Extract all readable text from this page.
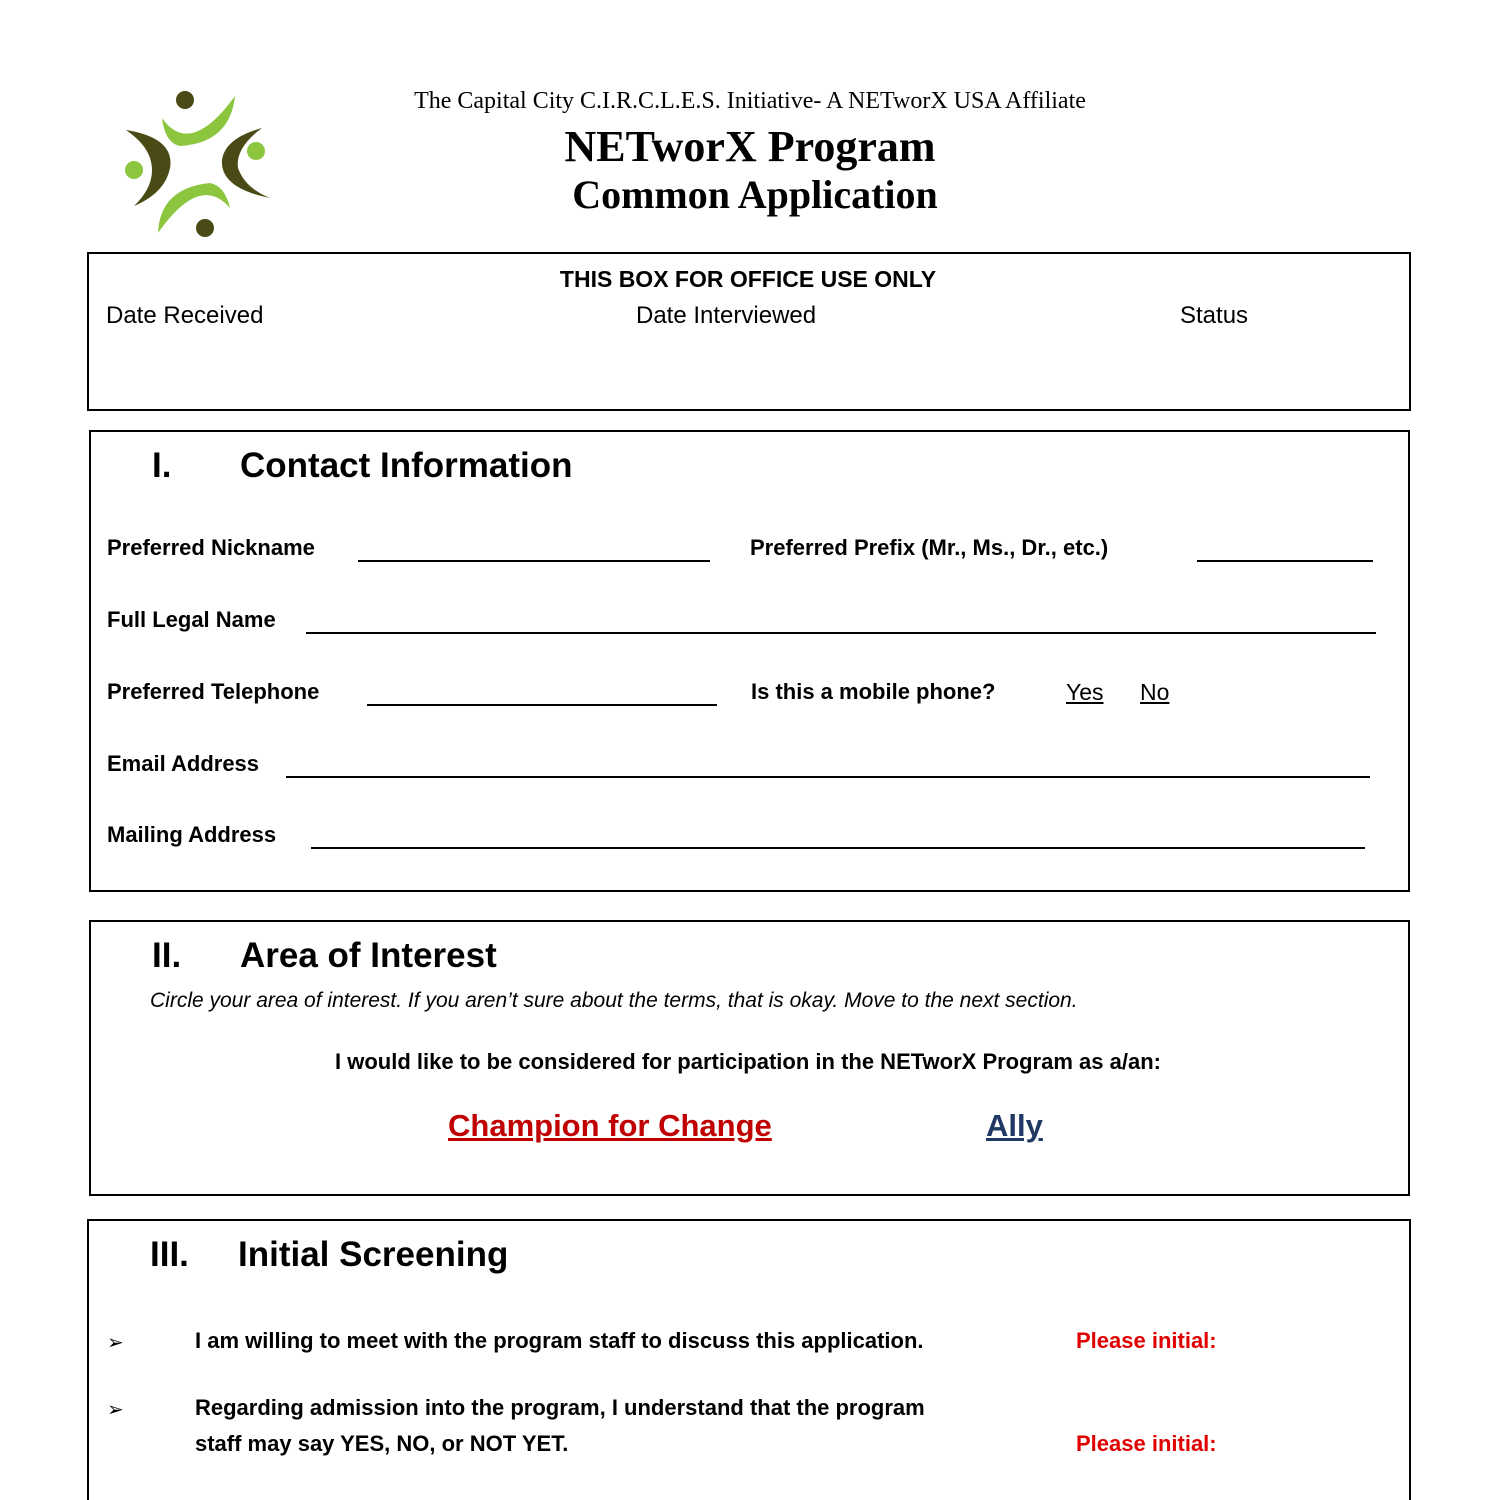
The Capital City C.I.R.C.L.E.S. Initiative- A NETworX USA Affiliate
NETworX Program
Common Application
THIS BOX FOR OFFICE USE ONLY
Date Received	Date Interviewed	Status
I. Contact Information
Preferred Nickname	Preferred Prefix (Mr., Ms., Dr., etc.)
Full Legal Name
Preferred Telephone	Is this a mobile phone?	Yes No
Email Address
Mailing Address
II. Area of Interest
Circle your area of interest. If you aren’t sure about the terms, that is okay. Move to the next section.
I would like to be considered for participation in the NETworX Program as a/an:
Champion for Change	Ally
III. Initial Screening
➢	I am willing to meet with the program staff to discuss this application.	Please initial:
➢	Regarding admission into the program, I understand that the program
staff may say YES, NO, or NOT YET.	Please initial:
